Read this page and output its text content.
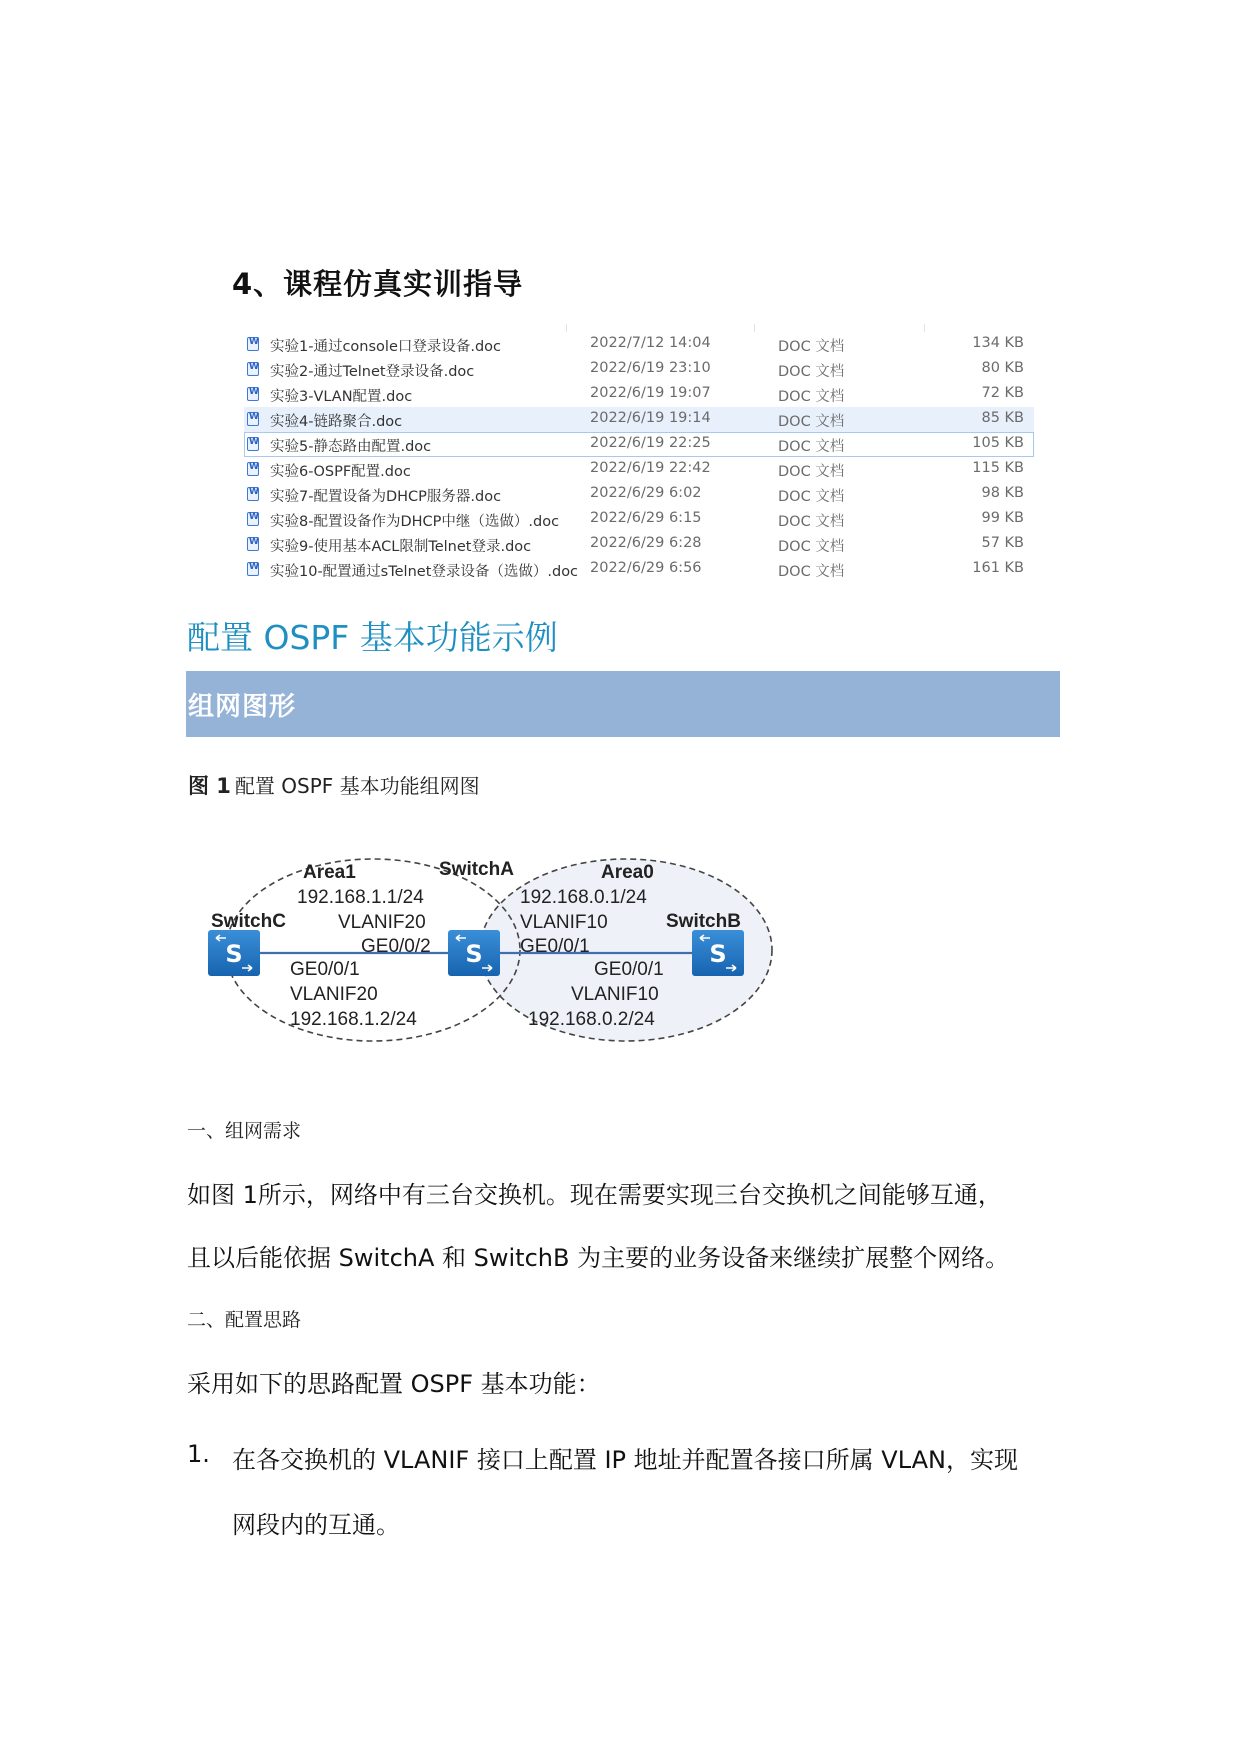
4、课程仿真实训指导
W
实验1-通过console口登录设备.doc	2022/7/12 14:04	DOC 文档	134 KB
W
实验2-通过Telnet登录设备.doc	2022/6/19 23:10	DOC 文档	80 KB
W
实验3-VLAN配置.doc	2022/6/19 19:07	DOC 文档	72 KB
W
实验4-链路聚合.doc	2022/6/19 19:14	DOC 文档	85 KB
W
实验5-静态路由配置.doc	2022/6/19 22:25	DOC 文档	105 KB
W
实验6-OSPF配置.doc	2022/6/19 22:42	DOC 文档	115 KB
W
实验7-配置设备为DHCP服务器.doc	2022/6/29 6:02	DOC 文档	98 KB
W
实验8-配置设备作为DHCP中继（选做）.doc 2022/6/29 6:15	DOC 文档	99 KB
W
实验9-使用基本ACL限制Telnet登录.doc	2022/6/29 6:28	DOC 文档	57 KB
W
实验10-配置通过sTelnet登录设备（选做）.doc 2022/6/29 6:56	DOC 文档	161 KB
配置 OSPF 基本功能示例
组网图形
图 1 配置 OSPF 基本功能组网图
S	S	S
Area1	SwitchA	Area0
SwitchC	SwitchB
192.168.1.1/24
VLANIF20
GE0/0/2
192.168.0.1/24
VLANIF10
GE0/0/1
GE0/0/1
VLANIF20
192.168.1.2/24
GE0/0/1
VLANIF10
192.168.0.2/24
一、组网需求
如图 1所示，网络中有三台交换机。现在需要实现三台交换机之间能够互通，
且以后能依据 SwitchA 和 SwitchB 为主要的业务设备来继续扩展整个网络。
二、配置思路
采用如下的思路配置 OSPF 基本功能：
1. 在各交换机的 VLANIF 接口上配置 IP 地址并配置各接口所属 VLAN，实现
网段内的互通。
